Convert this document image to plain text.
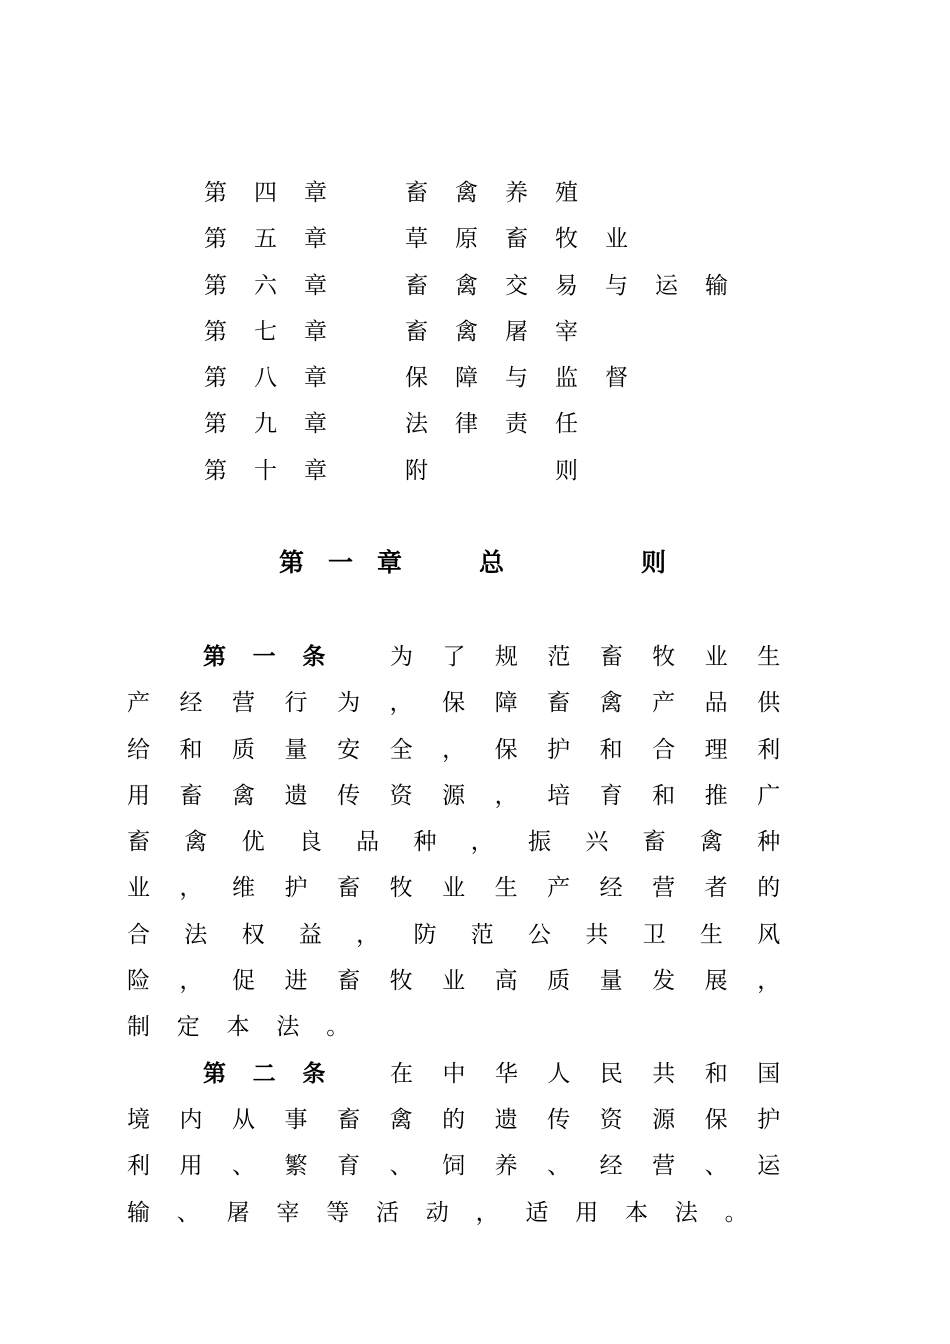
第四章 畜禽养殖
第五章 草原畜牧业
第六章 畜禽交易与运输
第七章 畜禽屠宰
第八章 保障与监督
第九章 法律责任
第十章 附　　则
第一章 总则

第一条 为了规范畜牧业生产经营行为，保障畜禽产品供给和质量安全，保护和合理利用畜禽遗传资源，培育和推广畜禽优良品种，振兴畜禽种业，维护畜牧业生产经营者的合法权益，防范公共卫生风险，促进畜牧业高质量发展，制定本法。

第二条 在中华人民共和国境内从事畜禽的遗传资源保护利用、繁育、饲养、经营、运输、屠宰等活动，适用本法。
